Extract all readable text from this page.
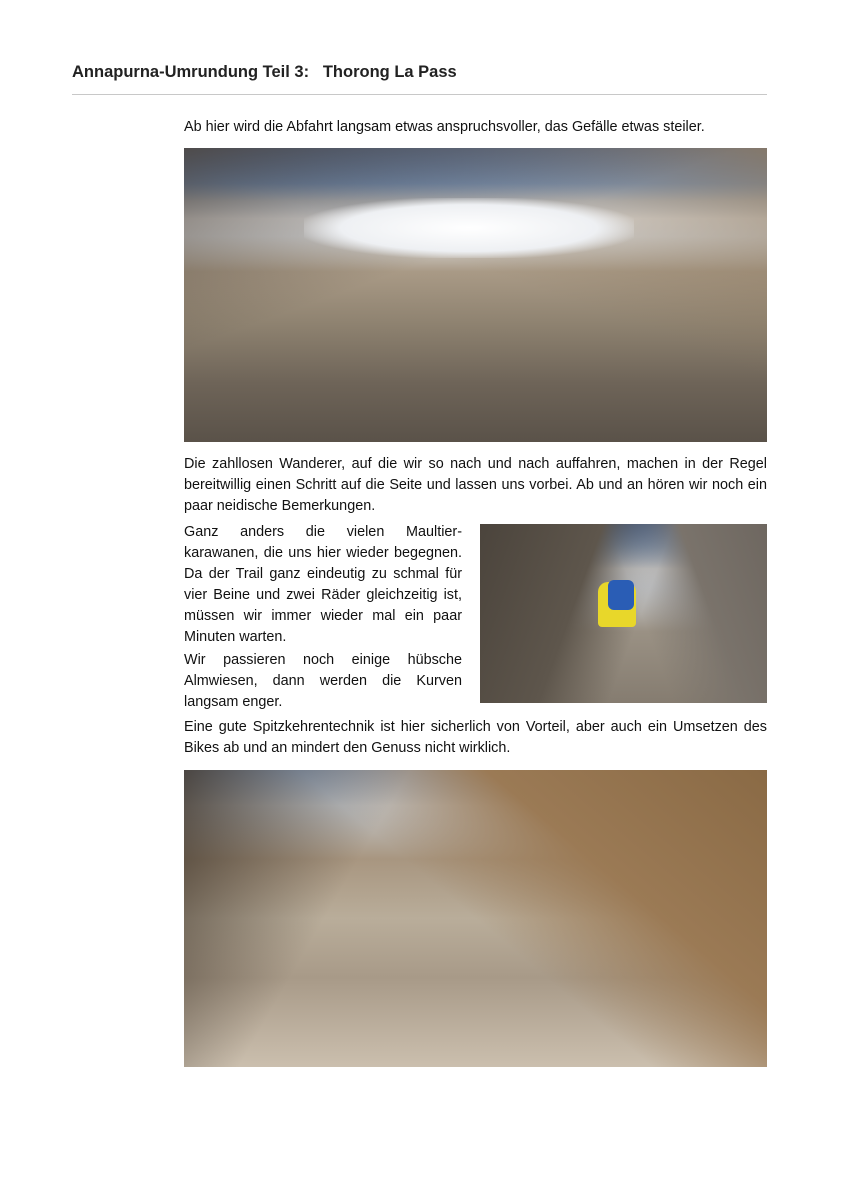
Annapurna-Umrundung Teil 3:   Thorong La Pass

Ab hier wird die Abfahrt langsam etwas anspruchsvoller, das Gefälle etwas steiler.

Die zahllosen Wanderer, auf die wir so nach und nach auffahren, machen in der Regel bereitwillig einen Schritt auf die Seite und lassen uns vorbei. Ab und an hören wir noch ein paar neidische Bemerkungen.

Ganz anders die vielen Maultier-karawanen, die uns hier wieder begegnen. Da der Trail ganz eindeutig zu schmal für vier Beine und zwei Räder gleichzeitig ist, müssen wir immer wieder mal ein paar Minuten warten.

Wir passieren noch einige hübsche Almwiesen, dann werden die Kurven langsam enger.

Eine gute Spitzkehrentechnik ist hier sicherlich von Vorteil, aber auch ein Umsetzen des Bikes ab und an mindert den Genuss nicht wirklich.
